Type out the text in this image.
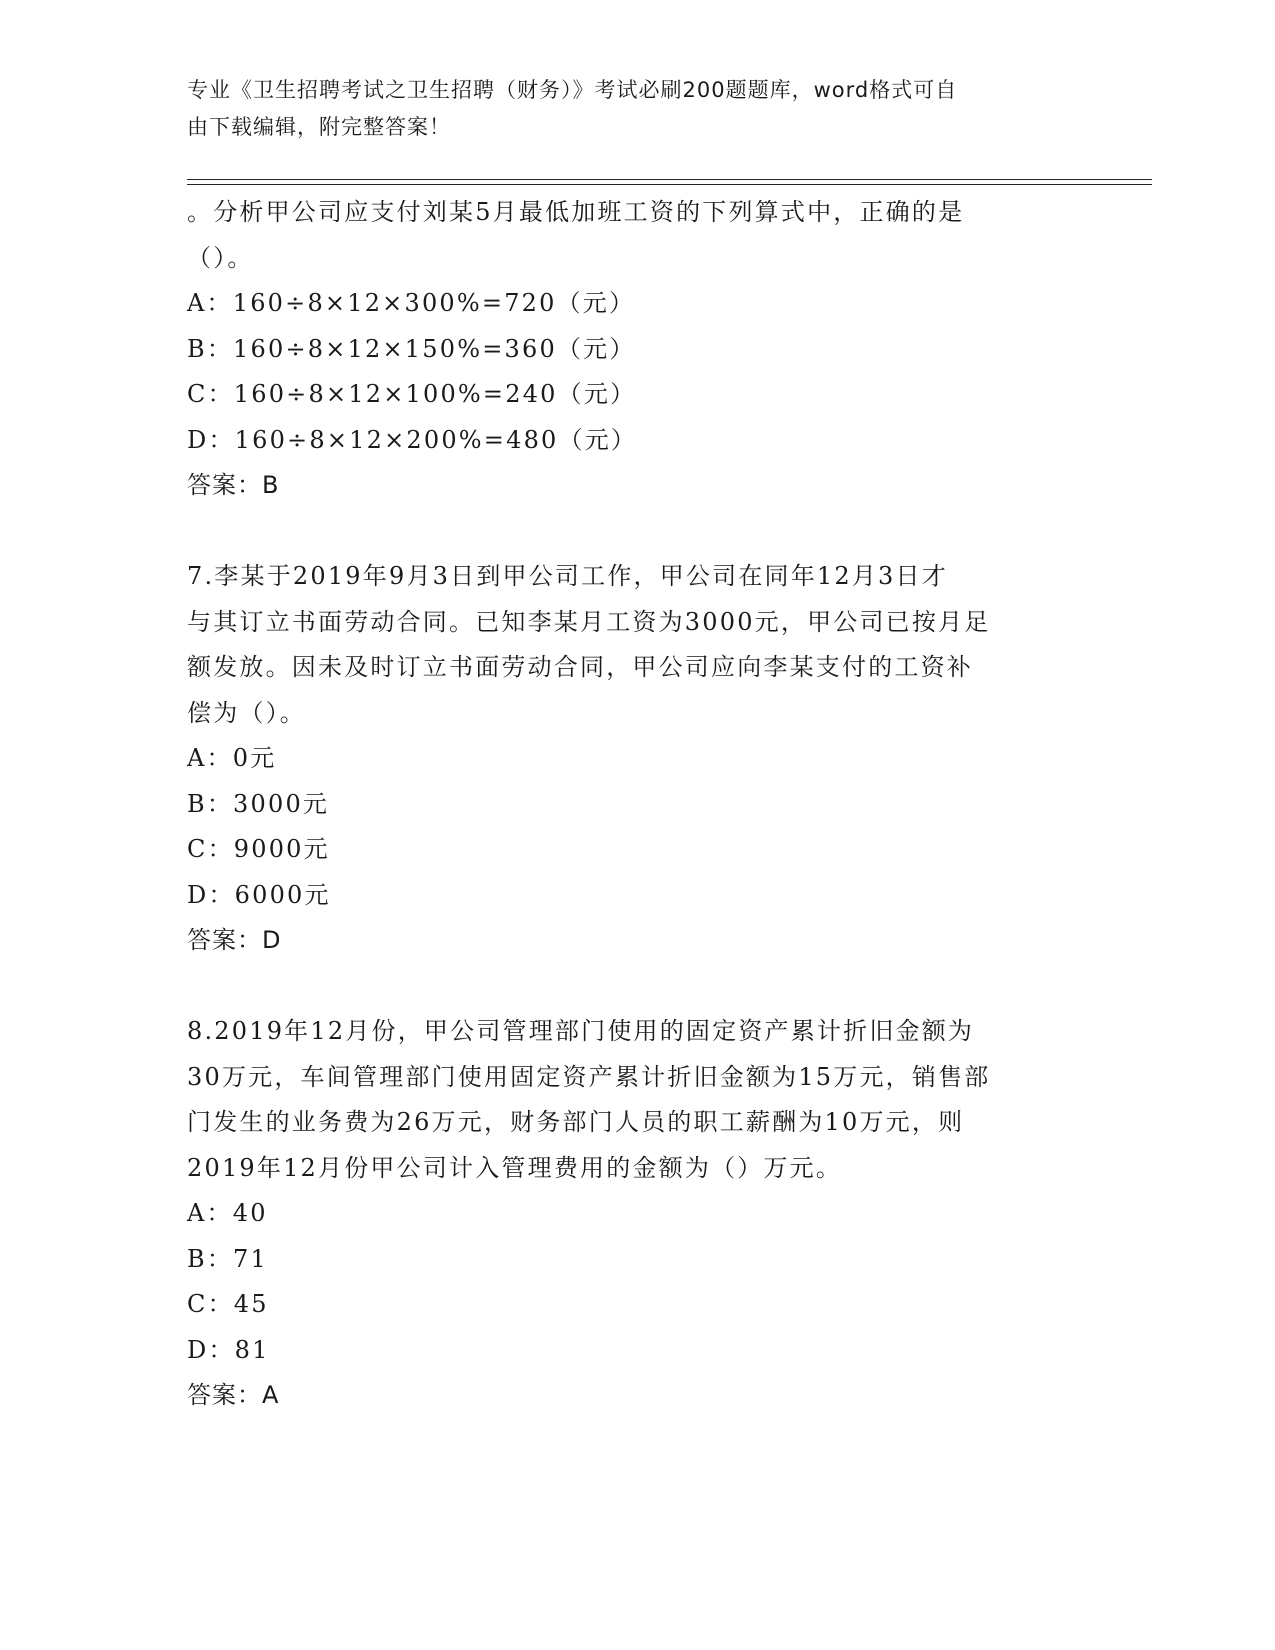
专业《卫生招聘考试之卫生招聘（财务）》考试必刷200题题库，word格式可自
由下载编辑，附完整答案！
。分析甲公司应支付刘某5月最低加班工资的下列算式中，正确的是
（）。
A：160÷8×12×300%=720（元）
B：160÷8×12×150%=360（元）
C：160÷8×12×100%=240（元）
D：160÷8×12×200%=480（元）
答案：B
7.李某于2019年9月3日到甲公司工作，甲公司在同年12月3日才
与其订立书面劳动合同。已知李某月工资为3000元，甲公司已按月足
额发放。因未及时订立书面劳动合同，甲公司应向李某支付的工资补
偿为（）。
A：0元
B：3000元
C：9000元
D：6000元
答案：D
8.2019年12月份，甲公司管理部门使用的固定资产累计折旧金额为
30万元，车间管理部门使用固定资产累计折旧金额为15万元，销售部
门发生的业务费为26万元，财务部门人员的职工薪酬为10万元，则
2019年12月份甲公司计入管理费用的金额为（）万元。
A：40
B：71
C：45
D：81
答案：A
